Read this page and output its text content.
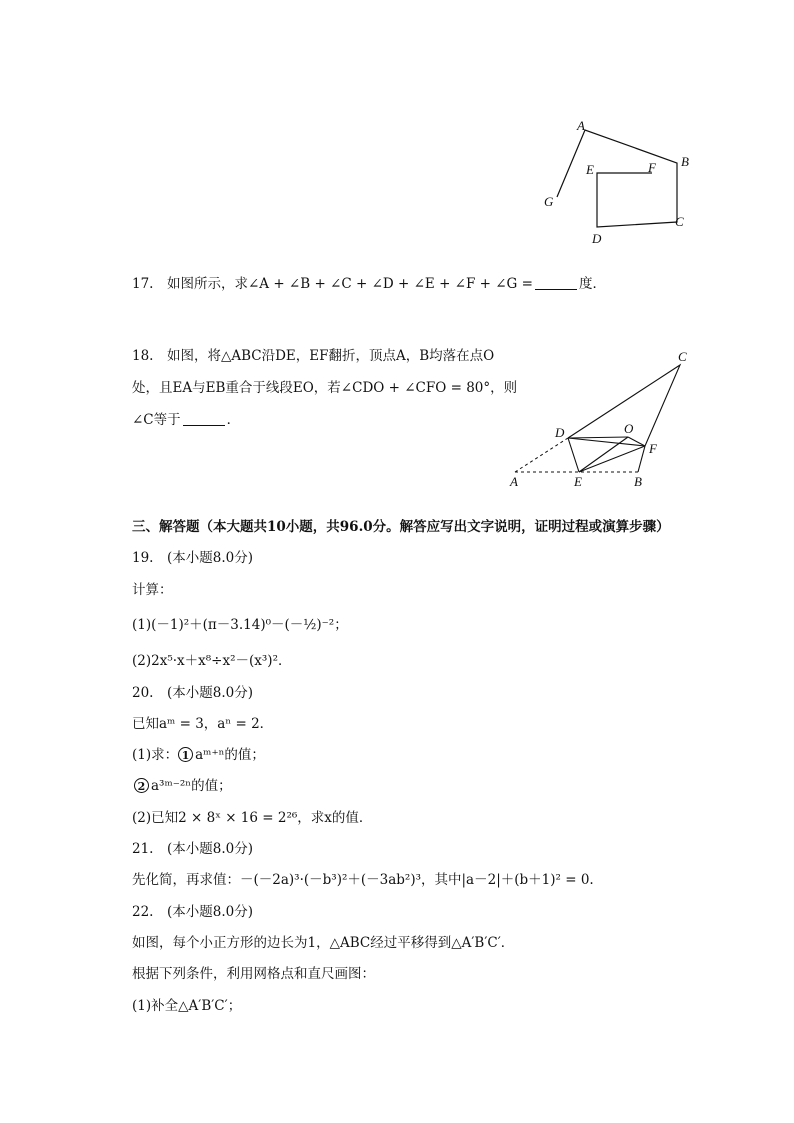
A
B
C
D
E	F
G
17.　如图所示，求∠A + ∠B + ∠C + ∠D + ∠E + ∠F + ∠G =	度．
C
D	O
F
A	E	B
18.　如图，将△ABC沿DE，EF翻折，顶点A，B均落在点O
处，且EA与EB重合于线段EO，若∠CDO + ∠CFO = 80°，则
∠C等于	．
三、解答题（本大题共10小题，共96.0分。解答应写出文字说明，证明过程或演算步骤）
19.　(本小题8.0分)
计算：
(1)(－1)²＋(π－3.14)⁰－(－½)⁻²；
(2)2x⁵·x＋x⁸÷x²－(x³)²．
20.　(本小题8.0分)
已知aᵐ = 3，aⁿ = 2．
(1)求： 1 aᵐ⁺ⁿ的值；
2 a³ᵐ⁻²ⁿ的值；
(2)已知2 × 8ˣ × 16 = 2²⁶，求x的值．
21.　(本小题8.0分)
先化简，再求值：－(－2a)³·(－b³)²＋(－3ab²)³，其中|a－2|＋(b＋1)² = 0.
22.　(本小题8.0分)
如图，每个小正方形的边长为1，△ABC经过平移得到△A′B′C′．
根据下列条件，利用网格点和直尺画图：
(1)补全△A′B′C′；
